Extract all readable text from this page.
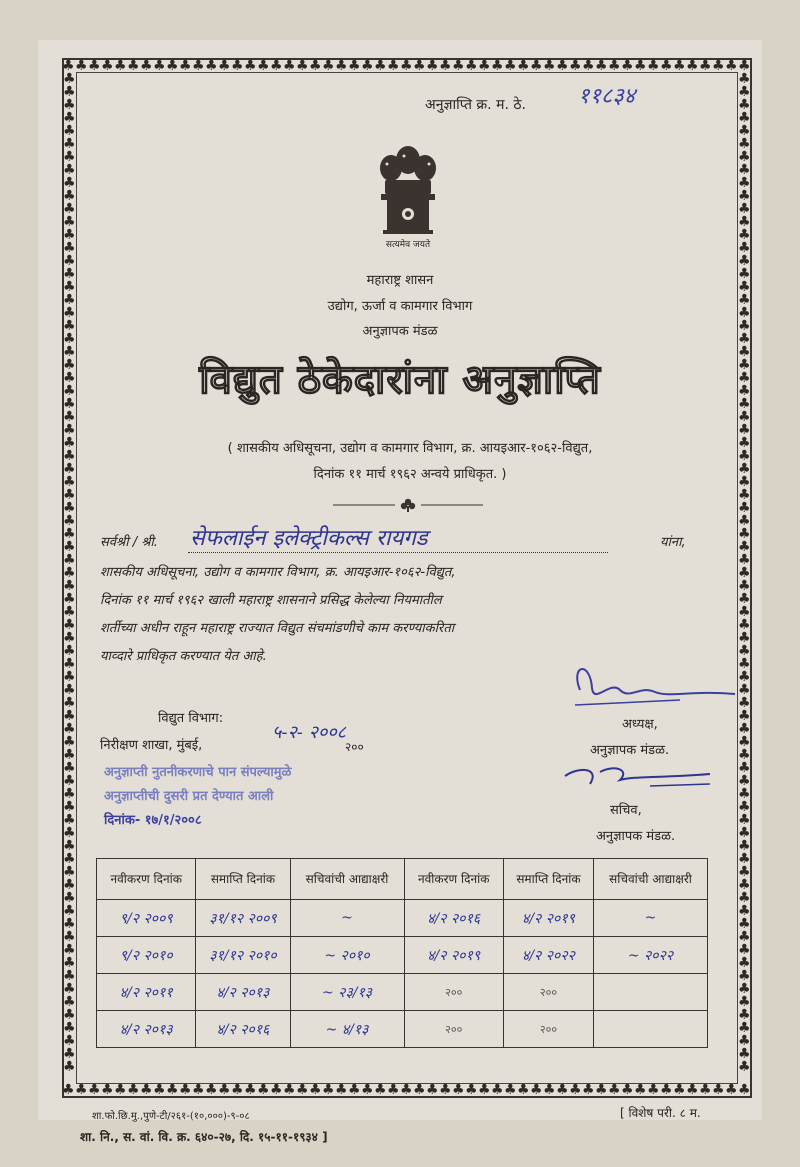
♣
♣
♣
♣
♣
♣
♣
♣
♣
♣
♣
♣
♣
♣
♣
♣
♣
♣
♣
♣
♣
♣
♣
♣
♣
♣
♣
♣
♣
♣
♣
♣
♣
♣
♣
♣
♣
♣
♣
♣
♣
♣
♣
♣
♣
♣
♣
♣
♣
♣
♣
♣
♣
♣
♣
♣
♣
♣
♣
♣
♣
♣
♣
♣
♣
♣
♣
♣
♣
♣
♣
♣
♣
♣
♣
♣
♣
♣
♣
♣
♣
♣
♣
♣
♣
♣
♣
♣
♣
♣
♣
♣
♣
♣
♣
♣
♣
♣
♣
♣
♣
♣
♣
♣
♣
♣
♣	♣
♣	♣
♣	♣
♣	♣
♣	♣
♣	♣
♣	♣
♣	♣
♣	♣
♣	♣
♣	♣
♣	♣
♣	♣
♣	♣
♣	♣
♣	♣
♣	♣
♣	♣
♣	♣
♣	♣
♣	♣
♣	♣
♣	♣
♣	♣
♣	♣
♣	♣
♣	♣
♣	♣
♣	♣
♣	♣
♣	♣
♣	♣
♣	♣
♣	♣
♣	♣
♣	♣
♣	♣
♣	♣
♣	♣
♣	♣
♣	♣
♣	♣
♣	♣
♣	♣
♣	♣
♣	♣
♣	♣
♣	♣
♣	♣
♣	♣
♣	♣
♣	♣
♣	♣
♣	♣
♣	♣
♣	♣
♣	♣
♣	♣
♣	♣
♣	♣
♣	♣
♣	♣
♣	♣
♣	♣
♣	♣
♣	♣
♣	♣
♣	♣
♣	♣
♣	♣
♣	♣
♣	♣
♣	♣
♣	♣
♣	♣
♣	♣
♣	♣
अनुज्ञाप्ति क्र. म. ठे. ११८३४
सत्यमेव जयते
महाराष्ट्र शासन
उद्योग, ऊर्जा व कामगार विभाग
अनुज्ञापक मंडळ
विद्युत ठेकेदारांना अनुज्ञाप्ति
( शासकीय अधिसूचना, उद्योग व कामगार विभाग, क्र. आयइआर-१०६२-विद्युत,
दिनांक ११ मार्च १९६२ अन्वये प्राधिकृत. )
सर्वश्री / श्री. सेफलाईन इलेक्ट्रीकल्स रायगड	यांना,
शासकीय अधिसूचना, उद्योग व कामगार विभाग, क्र. आयइआर-१०६२-विद्युत,
दिनांक ११ मार्च १९६२ खाली महाराष्ट्र शासनाने प्रसिद्ध केलेल्या नियमातील
शर्तीच्या अधीन राहून महाराष्ट्र राज्यात विद्युत संचमांडणीचे काम करण्याकरिता
याव्दारे प्राधिकृत करण्यात येत आहे.
विद्युत विभाग:
निरीक्षण शाखा, मुंबई,
५-२- २००८
२००
अनुज्ञाप्ती नुतनीकरणाचे पान संपल्यामुळे
अनुज्ञाप्तीची दुसरी प्रत देण्यात आली
दिनांक- १७/१/२००८
अध्यक्ष,
अनुज्ञापक मंडळ.
सचिव,
अनुज्ञापक मंडळ.
नवीकरण दिनांक	समाप्ति दिनांक	सचिवांची आद्याक्षरी	नवीकरण दिनांक	समाप्ति दिनांक	सचिवांची आद्याक्षरी
९/२ २००९	३१/१२ २००९	~	४/२ २०१६	४/२ २०१९	~
९/२ २०१०	३१/१२ २०१०	~ २०१०	४/२ २०१९	४/२ २०२२	~ २०२२
४/२ २०११	४/२ २०१३	~ २३/१३	२००	२००	
४/२ २०१३	४/२ २०१६	~ ४/१३	२००	२००	
शा.फो.छि.मु.,पुणे-टी/२६१-(१०,०००)-९-०८
शा. नि., स. वां. वि. क्र. ६४०-२७, दि. १५-११-१९३४ ]
[ विशेष परी. ८ म.
